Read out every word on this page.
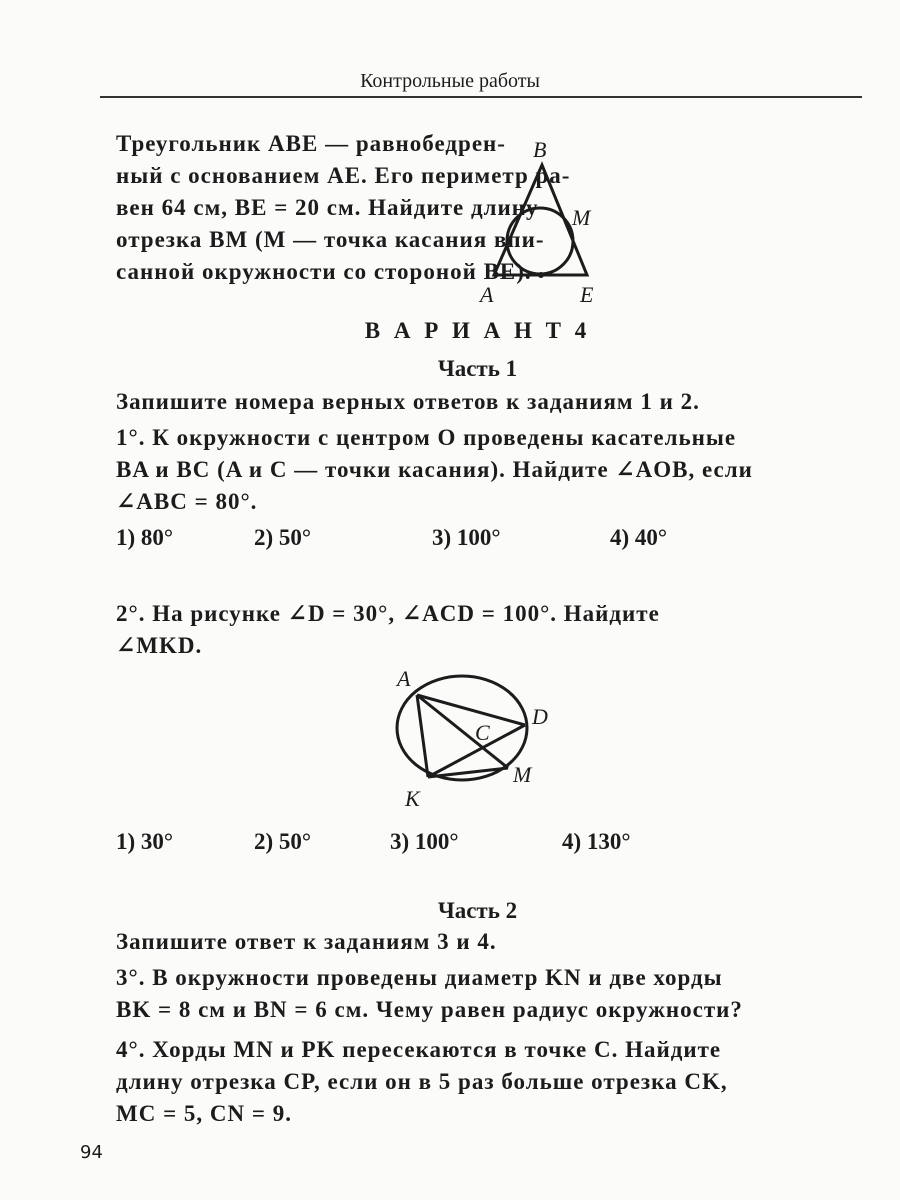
Контрольные работы
Треугольник ABE — равнобедрен-
ный с основанием AE. Его периметр ра-
вен 64 см, BE = 20 см. Найдите длину
отрезка BM (M — точка касания впи-
санной окружности со стороной BE).
B
M
A	E
A
D
C
M
K
В А Р И А Н Т 4
Часть 1
Запишите номера верных ответов к заданиям 1 и 2.
1°. К окружности с центром O проведены касательные
BA и BC (A и C — точки касания). Найдите ∠AOB, если
∠ABC = 80°.
1) 80°	2) 50°	3) 100°	4) 40°
2°. На рисунке ∠D = 30°, ∠ACD = 100°. Найдите
∠MKD.
1) 30°	2) 50°	3) 100°	4) 130°
Часть 2
Запишите ответ к заданиям 3 и 4.
3°. В окружности проведены диаметр KN и две хорды
BK = 8 см и BN = 6 см. Чему равен радиус окружности?
4°. Хорды MN и PK пересекаются в точке C. Найдите
длину отрезка CP, если он в 5 раз больше отрезка CK,
MC = 5, CN = 9.
94
